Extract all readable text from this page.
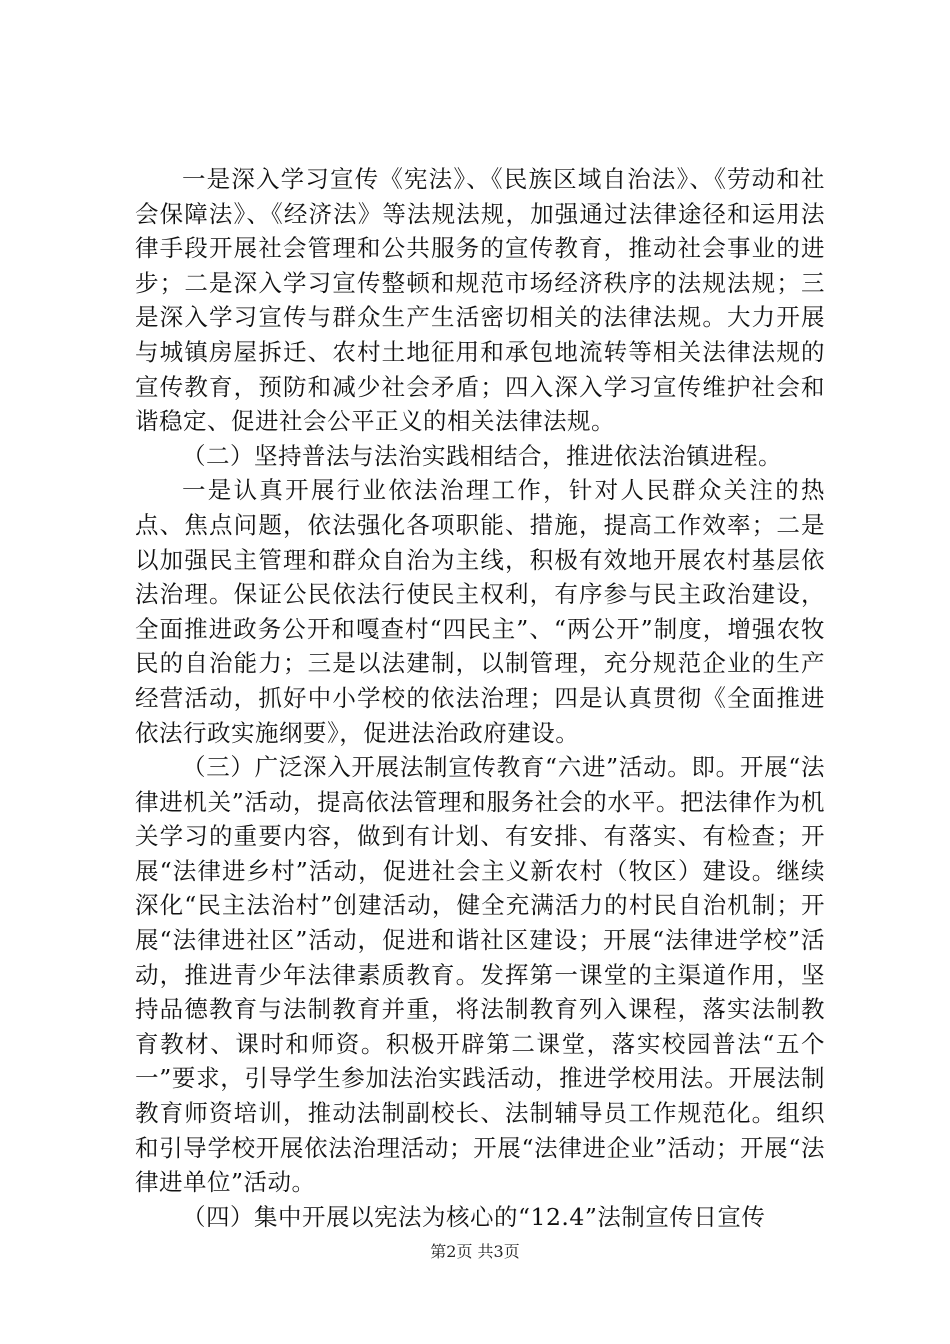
一是深入学习宣传《宪法》、《民族区域自治法》、《劳动和社会保障法》、《经济法》等法规法规，加强通过法律途径和运用法律手段开展社会管理和公共服务的宣传教育，推动社会事业的进步；二是深入学习宣传整顿和规范市场经济秩序的法规法规；三是深入学习宣传与群众生产生活密切相关的法律法规。大力开展与城镇房屋拆迁、农村土地征用和承包地流转等相关法律法规的宣传教育，预防和减少社会矛盾；四入深入学习宣传维护社会和谐稳定、促进社会公平正义的相关法律法规。

（二）坚持普法与法治实践相结合，推进依法治镇进程。

一是认真开展行业依法治理工作，针对人民群众关注的热点、焦点问题，依法强化各项职能、措施，提高工作效率；二是以加强民主管理和群众自治为主线，积极有效地开展农村基层依法治理。保证公民依法行使民主权利，有序参与民主政治建设，全面推进政务公开和嘎查村“四民主”、“两公开”制度，增强农牧民的自治能力；三是以法建制，以制管理，充分规范企业的生产经营活动，抓好中小学校的依法治理；四是认真贯彻《全面推进依法行政实施纲要》，促进法治政府建设。

（三）广泛深入开展法制宣传教育“六进”活动。即。开展“法律进机关”活动，提高依法管理和服务社会的水平。把法律作为机关学习的重要内容，做到有计划、有安排、有落实、有检查；开展“法律进乡村”活动，促进社会主义新农村（牧区）建设。继续深化“民主法治村”创建活动，健全充满活力的村民自治机制；开展“法律进社区”活动，促进和谐社区建设；开展“法律进学校”活动，推进青少年法律素质教育。发挥第一课堂的主渠道作用，坚持品德教育与法制教育并重，将法制教育列入课程，落实法制教育教材、课时和师资。积极开辟第二课堂，落实校园普法“五个一”要求，引导学生参加法治实践活动，推进学校用法。开展法制教育师资培训，推动法制副校长、法制辅导员工作规范化。组织和引导学校开展依法治理活动；开展“法律进企业”活动；开展“法律进单位”活动。

（四）集中开展以宪法为核心的“12.4”法制宣传日宣传

第2页 共3页
